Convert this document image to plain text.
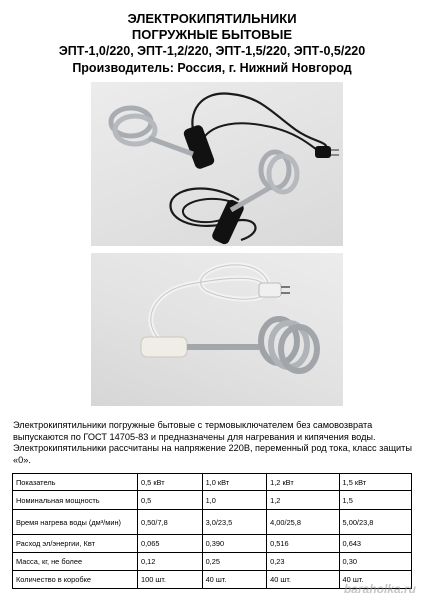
ЭЛЕКТРОКИПЯТИЛЬНИКИ
ПОГРУЖНЫЕ БЫТОВЫЕ
ЭПТ-1,0/220, ЭПТ-1,2/220, ЭПТ-1,5/220, ЭПТ-0,5/220
Производитель: Россия, г. Нижний Новгород

Электрокипятильники погружные бытовые с термовыключателем без самовозврата выпускаются по ГОСТ 14705-83 и предназначены для нагревания и кипячения воды.

Электрокипятильники рассчитаны на напряжение 220В, переменный род тока, класс защиты «0».

Показатель	0,5 кВт	1,0 кВт	1,2 кВт	1,5 кВт
Номинальная мощность	0,5	1,0	1,2	1,5
Время нагрева воды (дм³/мин)	0,50/7,8	3,0/23,5	4,00/25,8	5,00/23,8
Расход эл/энергии, Квт	0,065	0,390	0,516	0,643
Масса, кг, не более	0,12	0,25	0,23	0,30
Количество в коробке	100 шт.	40 шт.	40 шт.	40 шт.
baraholka.ru
